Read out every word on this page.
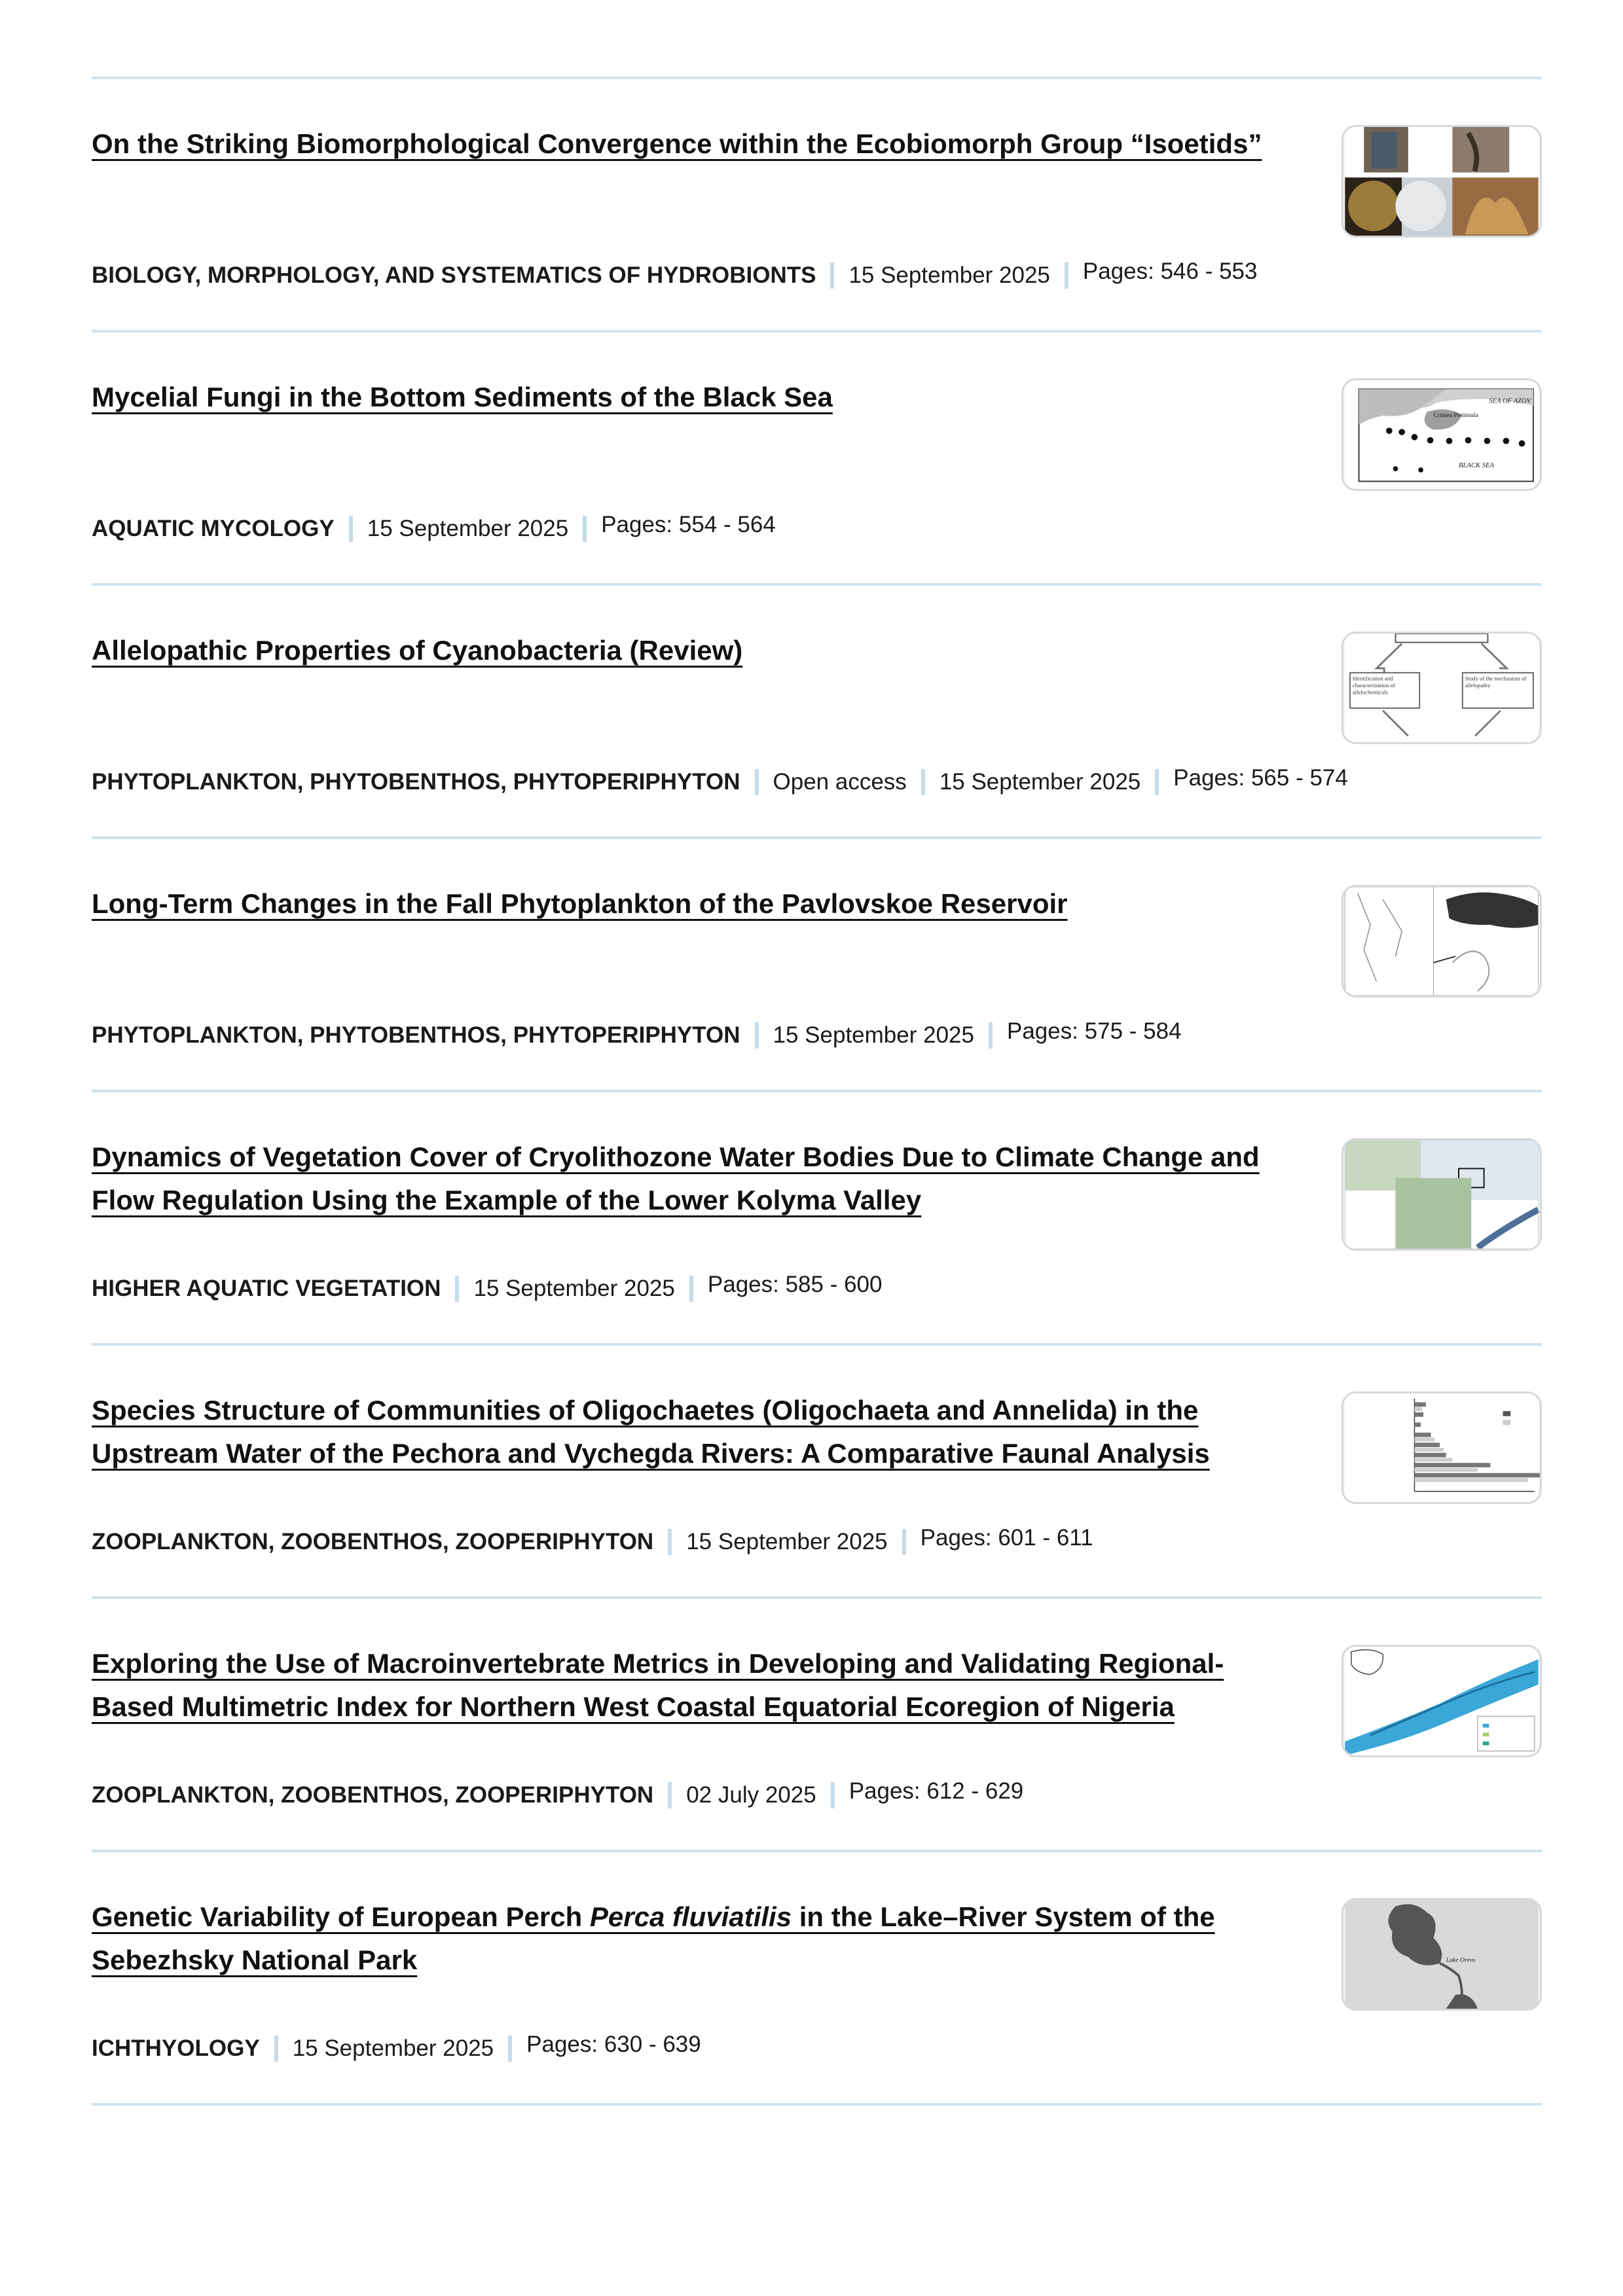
On the Striking Biomorphological Convergence within the Ecobiomorph Group “Isoetids”
BIOLOGY, MORPHOLOGY, AND SYSTEMATICS OF HYDROBIONTS 15 September 2025 Pages: 546 - 553
Mycelial Fungi in the Bottom Sediments of the Black Sea	SEA OF AZOV
Crimea Peninsula
BLACK SEA
AQUATIC MYCOLOGY 15 September 2025 Pages: 554 - 564
Allelopathic Properties of Cyanobacteria (Review)
Identification and characterization of allelochemicals
Study of the mechanism of allelopathy
PHYTOPLANKTON, PHYTOBENTHOS, PHYTOPERIPHYTON Open access 15 September 2025 Pages: 565 - 574
Long-Term Changes in the Fall Phytoplankton of the Pavlovskoe Reservoir
PHYTOPLANKTON, PHYTOBENTHOS, PHYTOPERIPHYTON 15 September 2025 Pages: 575 - 584
Dynamics of Vegetation Cover of Cryolithozone Water Bodies Due to Climate Change and Flow Regulation Using the Example of the Lower Kolyma Valley
HIGHER AQUATIC VEGETATION 15 September 2025 Pages: 585 - 600
Species Structure of Communities of Oligochaetes (Oligochaeta and Annelida) in the Upstream Water of the Pechora and Vychegda Rivers: A Comparative Faunal Analysis
ZOOPLANKTON, ZOOBENTHOS, ZOOPERIPHYTON 15 September 2025 Pages: 601 - 611
Exploring the Use of Macroinvertebrate Metrics in Developing and Validating Regional-Based Multimetric Index for Northern West Coastal Equatorial Ecoregion of Nigeria
ZOOPLANKTON, ZOOBENTHOS, ZOOPERIPHYTON 02 July 2025 Pages: 612 - 629
Genetic Variability of European Perch Perca fluviatilis in the Lake–River System of the Sebezhsky National Park	Lake Orevo
ICHTHYOLOGY 15 September 2025 Pages: 630 - 639
